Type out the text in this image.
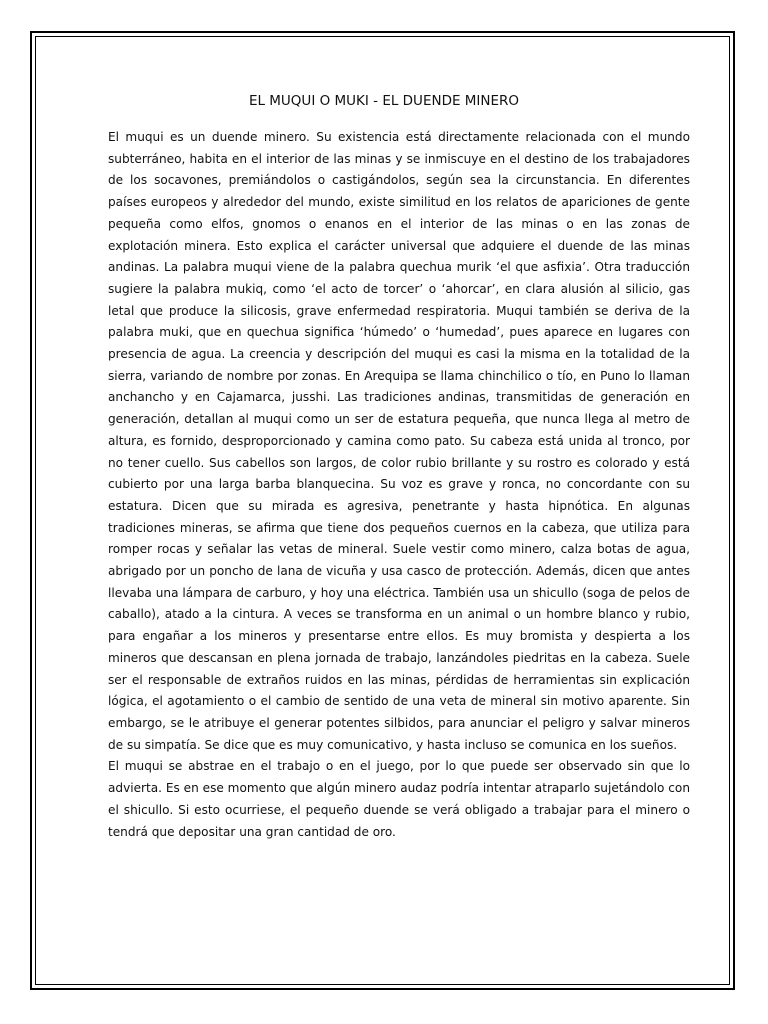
EL MUQUI O MUKI - EL DUENDE MINERO

El muqui es un duende minero. Su existencia está directamente relacionada con el mundo subterráneo, habita en el interior de las minas y se inmiscuye en el destino de los trabajadores de los socavones, premiándolos o castigándolos, según sea la circunstancia. En diferentes países europeos y alrededor del mundo, existe similitud en los relatos de apariciones de gente pequeña como elfos, gnomos o enanos en el interior de las minas o en las zonas de explotación minera. Esto explica el carácter universal que adquiere el duende de las minas andinas. La palabra muqui viene de la palabra quechua murik ‘el que asfixia’. Otra traducción sugiere la palabra mukiq, como ‘el acto de torcer’ o ‘ahorcar’, en clara alusión al silicio, gas letal que produce la silicosis, grave enfermedad respiratoria. Muqui también se deriva de la palabra muki, que en quechua significa ‘húmedo’ o ‘humedad’, pues aparece en lugares con presencia de agua. La creencia y descripción del muqui es casi la misma en la totalidad de la sierra, variando de nombre por zonas. En Arequipa se llama chinchilico o tío, en Puno lo llaman anchancho y en Cajamarca, jusshi. Las tradiciones andinas, transmitidas de generación en generación, detallan al muqui como un ser de estatura pequeña, que nunca llega al metro de altura, es fornido, desproporcionado y camina como pato. Su cabeza está unida al tronco, por no tener cuello. Sus cabellos son largos, de color rubio brillante y su rostro es colorado y está cubierto por una larga barba blanquecina. Su voz es grave y ronca, no concordante con su estatura. Dicen que su mirada es agresiva, penetrante y hasta hipnótica. En algunas tradiciones mineras, se afirma que tiene dos pequeños cuernos en la cabeza, que utiliza para romper rocas y señalar las vetas de mineral. Suele vestir como minero, calza botas de agua, abrigado por un poncho de lana de vicuña y usa casco de protección. Además, dicen que antes llevaba una lámpara de carburo, y hoy una eléctrica. También usa un shicullo (soga de pelos de caballo), atado a la cintura. A veces se transforma en un animal o un hombre blanco y rubio, para engañar a los mineros y presentarse entre ellos. Es muy bromista y despierta a los mineros que descansan en plena jornada de trabajo, lanzándoles piedritas en la cabeza. Suele ser el responsable de extraños ruidos en las minas, pérdidas de herramientas sin explicación lógica, el agotamiento o el cambio de sentido de una veta de mineral sin motivo aparente. Sin embargo, se le atribuye el generar potentes silbidos, para anunciar el peligro y salvar mineros de su simpatía. Se dice que es muy comunicativo, y hasta incluso se comunica en los sueños.

El muqui se abstrae en el trabajo o en el juego, por lo que puede ser observado sin que lo advierta. Es en ese momento que algún minero audaz podría intentar atraparlo sujetándolo con el shicullo. Si esto ocurriese, el pequeño duende se verá obligado a trabajar para el minero o tendrá que depositar una gran cantidad de oro.
